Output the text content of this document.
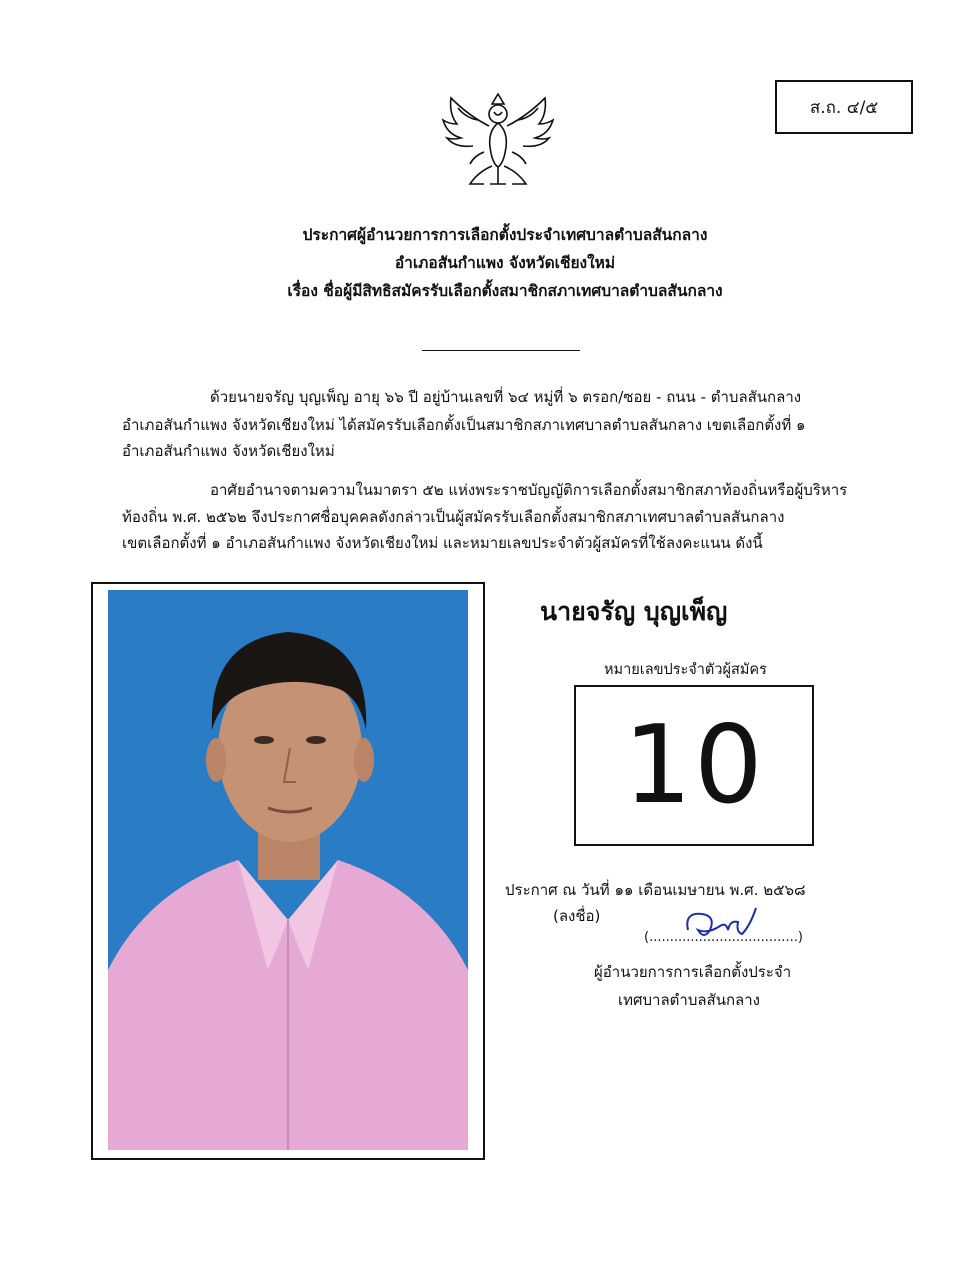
ส.ถ. ๔/๕
ประกาศผู้อำนวยการการเลือกตั้งประจำเทศบาลตำบลสันกลาง
อำเภอสันกำแพง จังหวัดเชียงใหม่
เรื่อง ชื่อผู้มีสิทธิสมัครรับเลือกตั้งสมาชิกสภาเทศบาลตำบลสันกลาง
ด้วยนายจรัญ บุญเพ็ญ อายุ ๖๖ ปี อยู่บ้านเลขที่ ๖๔ หมู่ที่ ๖ ตรอก/ซอย - ถนน - ตำบลสันกลาง
อำเภอสันกำแพง จังหวัดเชียงใหม่ ได้สมัครรับเลือกตั้งเป็นสมาชิกสภาเทศบาลตำบลสันกลาง เขตเลือกตั้งที่ ๑
อำเภอสันกำแพง จังหวัดเชียงใหม่
อาศัยอำนาจตามความในมาตรา ๕๒ แห่งพระราชบัญญัติการเลือกตั้งสมาชิกสภาท้องถิ่นหรือผู้บริหาร
ท้องถิ่น พ.ศ. ๒๕๖๒ จึงประกาศชื่อบุคคลดังกล่าวเป็นผู้สมัครรับเลือกตั้งสมาชิกสภาเทศบาลตำบลสันกลาง
เขตเลือกตั้งที่ ๑ อำเภอสันกำแพง จังหวัดเชียงใหม่ และหมายเลขประจำตัวผู้สมัครที่ใช้ลงคะแนน ดังนี้
นายจรัญ บุญเพ็ญ
หมายเลขประจำตัวผู้สมัคร
10
ประกาศ ณ วันที่ ๑๑ เดือนเมษายน พ.ศ. ๒๕๖๘
(ลงชื่อ)
(....................................)
ผู้อำนวยการการเลือกตั้งประจำ
เทศบาลตำบลสันกลาง
